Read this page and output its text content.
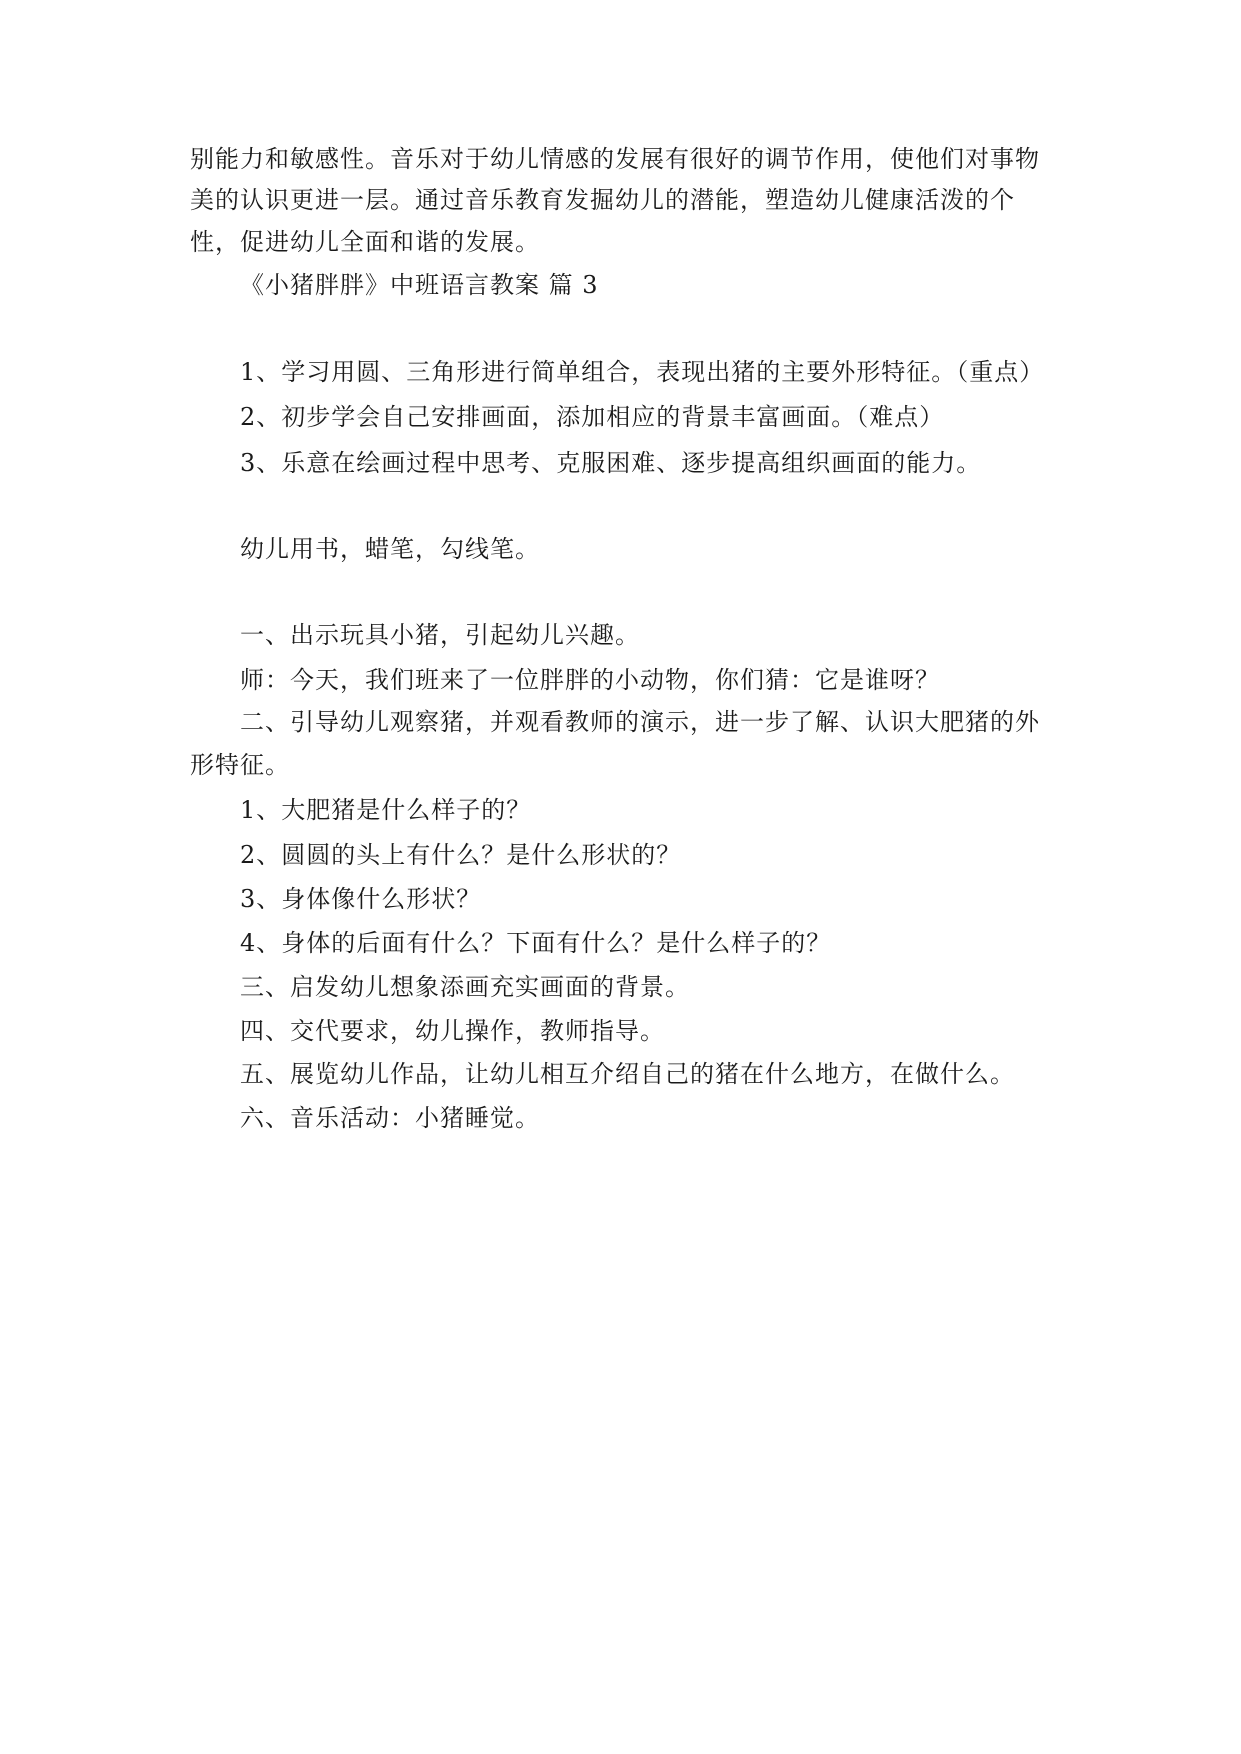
别能力和敏感性。音乐对于幼儿情感的发展有很好的调节作用，使他们对事物
美的认识更进一层。通过音乐教育发掘幼儿的潜能，塑造幼儿健康活泼的个
性，促进幼儿全面和谐的发展。
《小猪胖胖》中班语言教案 篇 3
1、学习用圆、三角形进行简单组合，表现出猪的主要外形特征。（重点）
2、初步学会自己安排画面，添加相应的背景丰富画面。（难点）
3、乐意在绘画过程中思考、克服困难、逐步提高组织画面的能力。
幼儿用书，蜡笔，勾线笔。
一、出示玩具小猪，引起幼儿兴趣。
师：今天，我们班来了一位胖胖的小动物，你们猜：它是谁呀？
二、引导幼儿观察猪，并观看教师的演示，进一步了解、认识大肥猪的外
形特征。
1、大肥猪是什么样子的？
2、圆圆的头上有什么？是什么形状的？
3、身体像什么形状？
4、身体的后面有什么？下面有什么？是什么样子的？
三、启发幼儿想象添画充实画面的背景。
四、交代要求，幼儿操作，教师指导。
五、展览幼儿作品，让幼儿相互介绍自己的猪在什么地方，在做什么。
六、音乐活动：小猪睡觉。
